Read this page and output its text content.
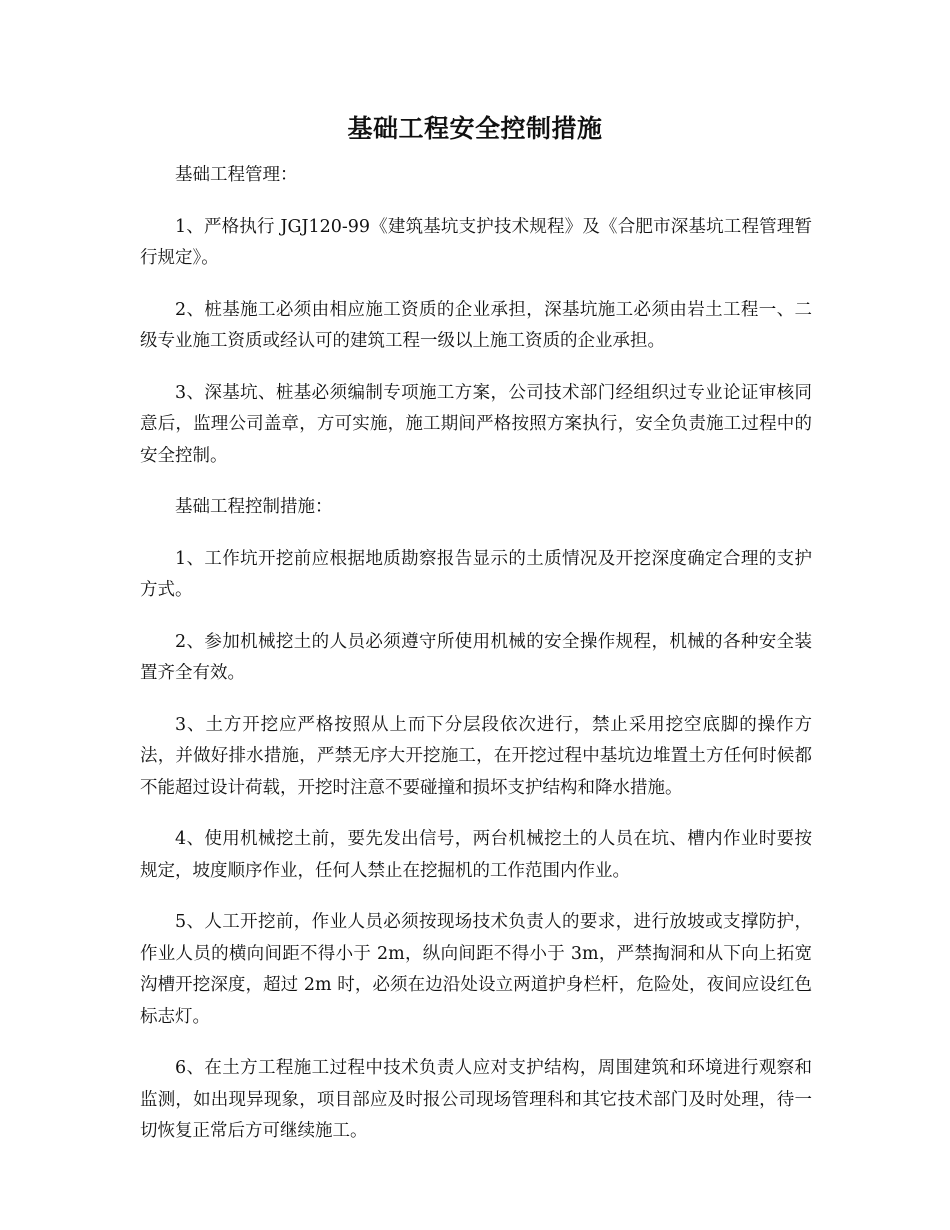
基础工程安全控制措施

基础工程管理：

1、严格执行 JGJ120-99《建筑基坑支护技术规程》及《合肥市深基坑工程管理暂行规定》。

2、桩基施工必须由相应施工资质的企业承担，深基坑施工必须由岩土工程一、二级专业施工资质或经认可的建筑工程一级以上施工资质的企业承担。

3、深基坑、桩基必须编制专项施工方案，公司技术部门经组织过专业论证审核同意后，监理公司盖章，方可实施，施工期间严格按照方案执行，安全负责施工过程中的安全控制。

基础工程控制措施：

1、工作坑开挖前应根据地质勘察报告显示的土质情况及开挖深度确定合理的支护方式。

2、参加机械挖土的人员必须遵守所使用机械的安全操作规程，机械的各种安全装置齐全有效。

3、土方开挖应严格按照从上而下分层段依次进行，禁止采用挖空底脚的操作方法，并做好排水措施，严禁无序大开挖施工，在开挖过程中基坑边堆置土方任何时候都不能超过设计荷载，开挖时注意不要碰撞和损坏支护结构和降水措施。

4、使用机械挖土前，要先发出信号，两台机械挖土的人员在坑、槽内作业时要按规定，坡度顺序作业，任何人禁止在挖掘机的工作范围内作业。

5、人工开挖前，作业人员必须按现场技术负责人的要求，进行放坡或支撑防护，作业人员的横向间距不得小于 2m，纵向间距不得小于 3m，严禁掏洞和从下向上拓宽沟槽开挖深度，超过 2m 时，必须在边沿处设立两道护身栏杆，危险处，夜间应设红色标志灯。

6、在土方工程施工过程中技术负责人应对支护结构，周围建筑和环境进行观察和监测，如出现异现象，项目部应及时报公司现场管理科和其它技术部门及时处理，待一切恢复正常后方可继续施工。
